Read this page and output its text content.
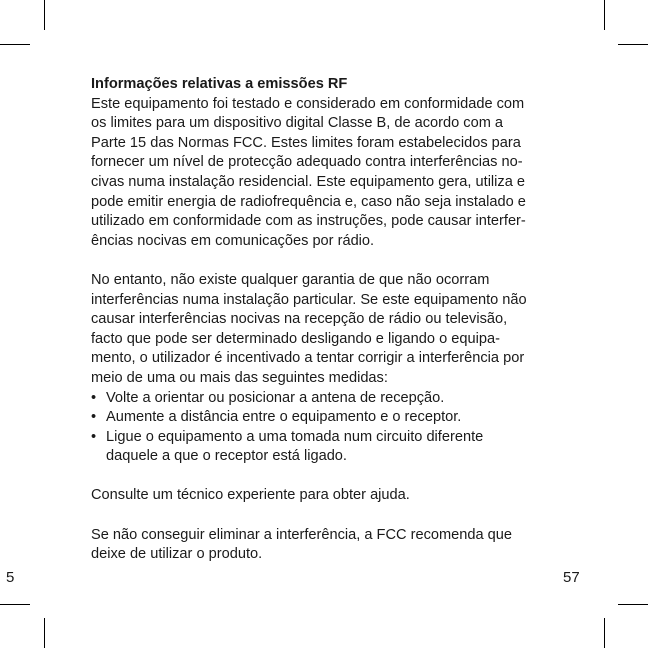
Informações relativas a emissões RF
Este equipamento foi testado e considerado em conformidade com
os limites para um dispositivo digital Classe B, de acordo com a
Parte 15 das Normas FCC. Estes limites foram estabelecidos para
fornecer um nível de protecção adequado contra interferências no-
civas numa instalação residencial. Este equipamento gera, utiliza e
pode emitir energia de radiofrequência e, caso não seja instalado e
utilizado em conformidade com as instruções, pode causar interfer-
ências nocivas em comunicações por rádio.
No entanto, não existe qualquer garantia de que não ocorram
interferências numa instalação particular. Se este equipamento não
causar interferências nocivas na recepção de rádio ou televisão,
facto que pode ser determinado desligando e ligando o equipa-
mento, o utilizador é incentivado a tentar corrigir a interferência por
meio de uma ou mais das seguintes medidas:
• Volte a orientar ou posicionar a antena de recepção.
• Aumente a distância entre o equipamento e o receptor.
• Ligue o equipamento a uma tomada num circuito diferente
daquele a que o receptor está ligado.
Consulte um técnico experiente para obter ajuda.
Se não conseguir eliminar a interferência, a FCC recomenda que
deixe de utilizar o produto.
5	57
